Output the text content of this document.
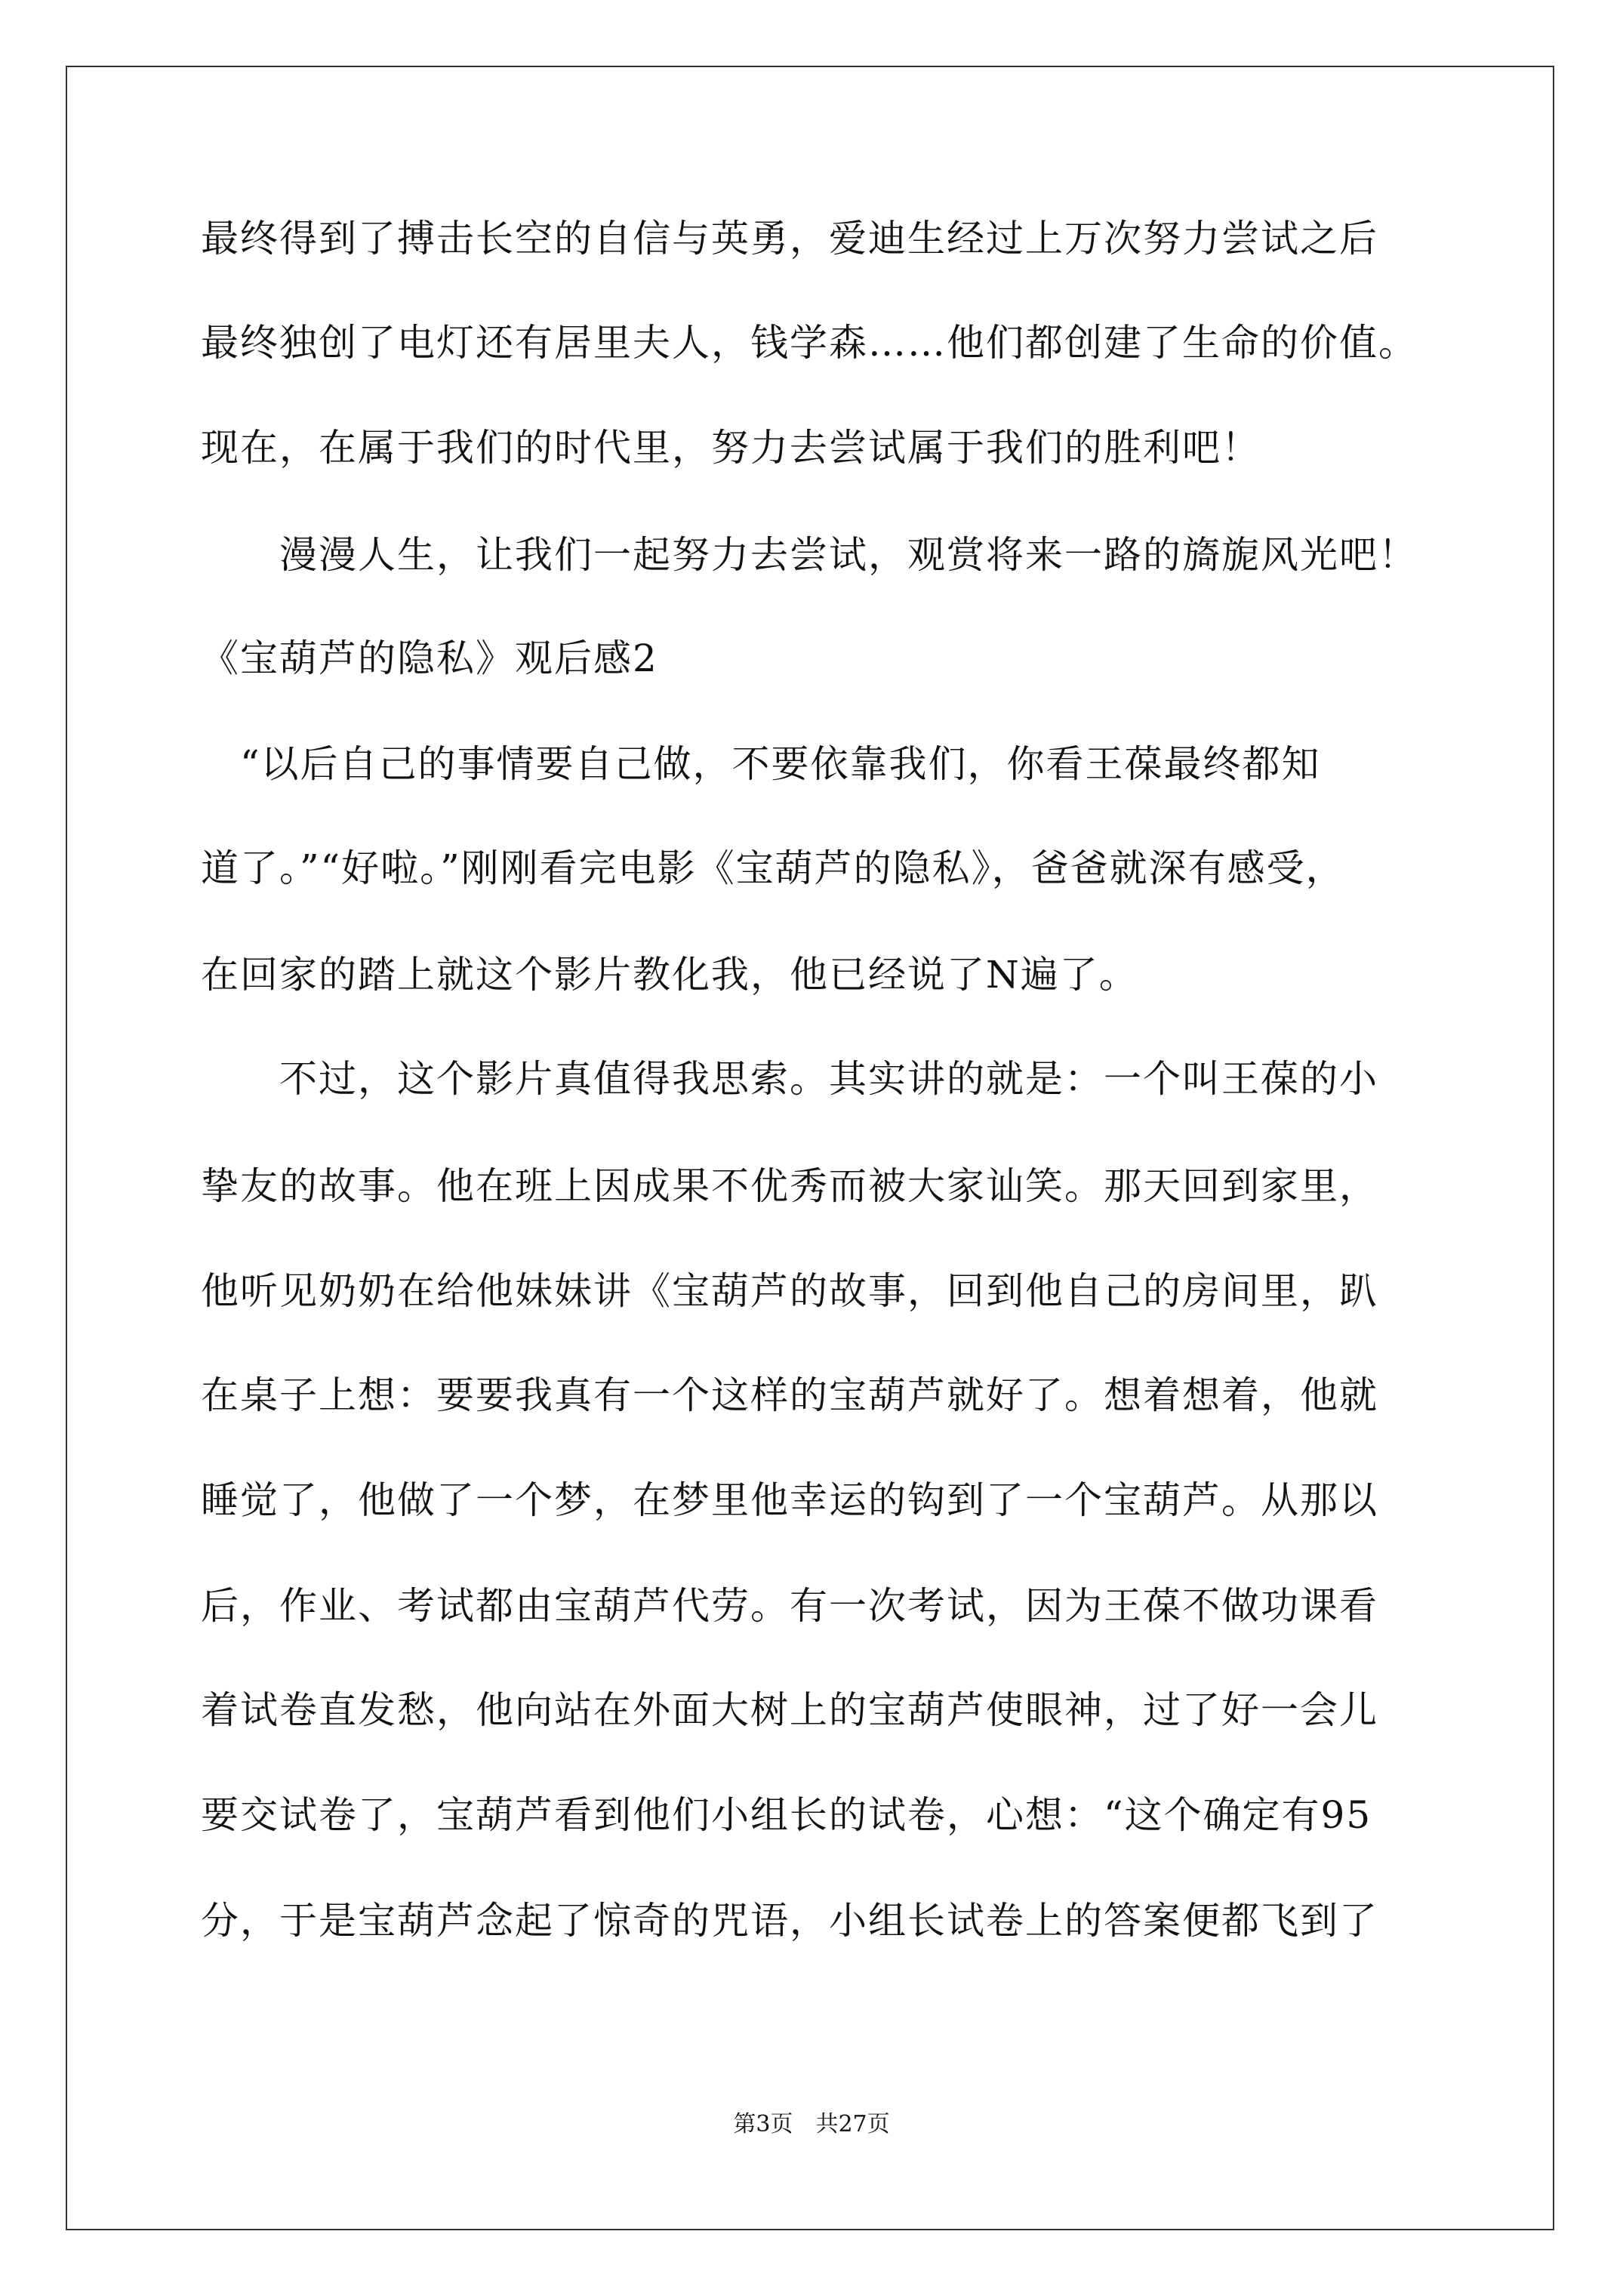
最终得到了搏击长空的自信与英勇，爱迪生经过上万次努力尝试之后
最终独创了电灯还有居里夫人，钱学森……他们都创建了生命的价值。
现在，在属于我们的时代里，努力去尝试属于我们的胜利吧！
　　漫漫人生，让我们一起努力去尝试，观赏将来一路的旖旎风光吧！
《宝葫芦的隐私》观后感2
　“以后自己的事情要自己做，不要依靠我们，你看王葆最终都知
道了。”“好啦。”刚刚看完电影《宝葫芦的隐私》，爸爸就深有感受，
在回家的踏上就这个影片教化我，他已经说了N遍了。
　　不过，这个影片真值得我思索。其实讲的就是：一个叫王葆的小
挚友的故事。他在班上因成果不优秀而被大家讪笑。那天回到家里，
他听见奶奶在给他妹妹讲《宝葫芦的故事，回到他自己的房间里，趴
在桌子上想：要要我真有一个这样的宝葫芦就好了。想着想着，他就
睡觉了，他做了一个梦，在梦里他幸运的钩到了一个宝葫芦。从那以
后，作业、考试都由宝葫芦代劳。有一次考试，因为王葆不做功课看
着试卷直发愁，他向站在外面大树上的宝葫芦使眼神，过了好一会儿
要交试卷了，宝葫芦看到他们小组长的试卷，心想：“这个确定有95
分，于是宝葫芦念起了惊奇的咒语，小组长试卷上的答案便都飞到了
第3页　共27页
